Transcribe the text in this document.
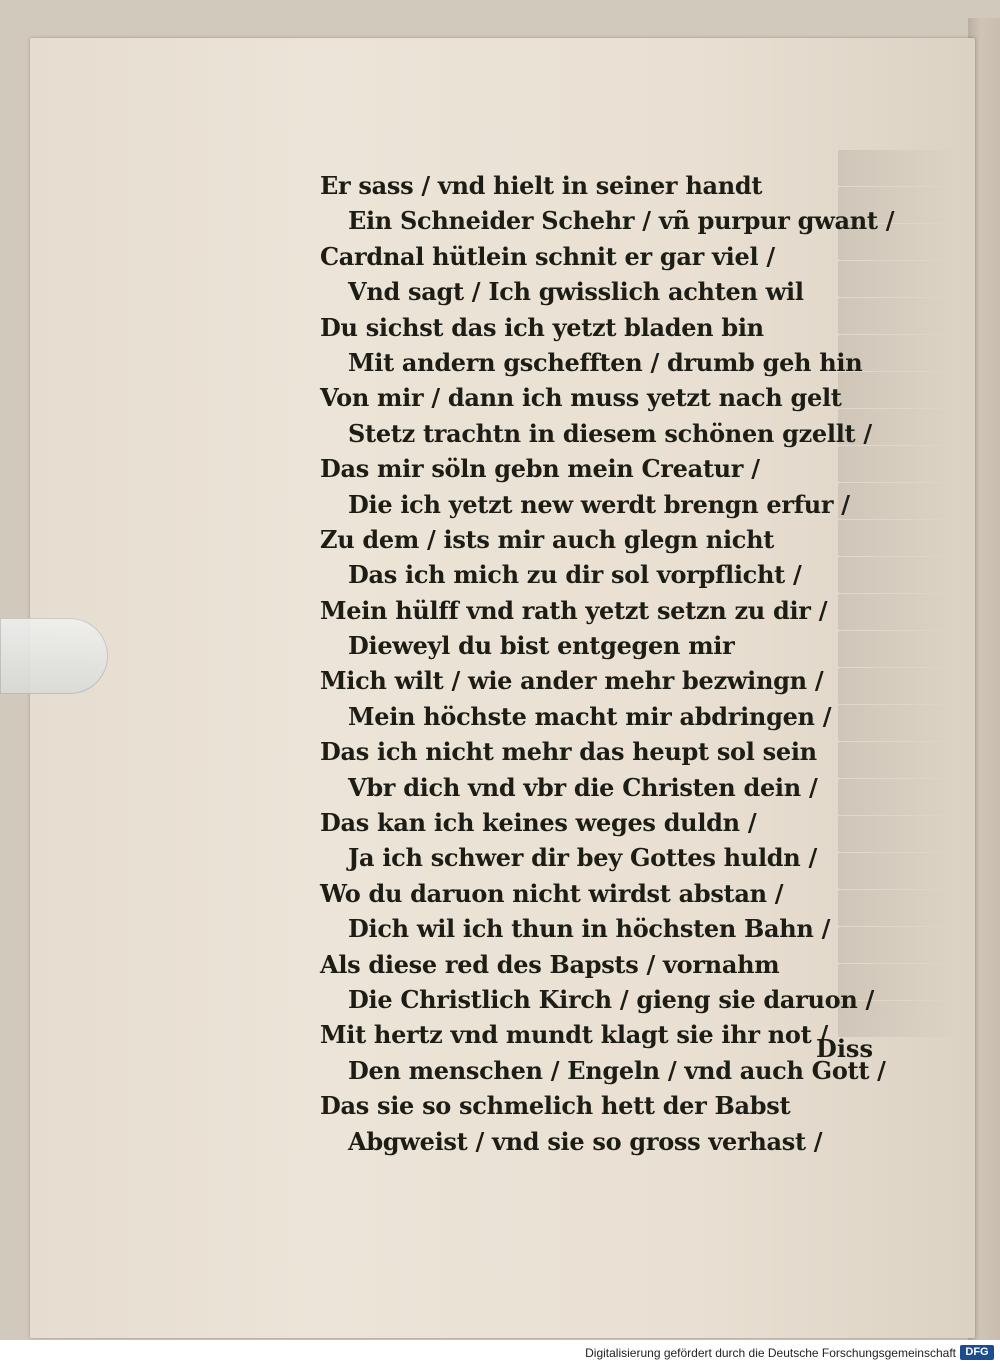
Er sass / vnd hielt in seiner handt
Ein Schneider Schehr / vñ purpur gwant /
Cardnal hütlein schnit er gar viel /
Vnd sagt / Ich gwisslich achten wil
Du sichst das ich yetzt bladen bin
Mit andern gschefften / drumb geh hin
Von mir / dann ich muss yetzt nach gelt
Stetz trachtn in diesem schönen gzellt /
Das mir söln gebn mein Creatur /
Die ich yetzt new werdt brengn erfur /
Zu dem / ists mir auch glegn nicht
Das ich mich zu dir sol vorpflicht /
Mein hülff vnd rath yetzt setzn zu dir /
Dieweyl du bist entgegen mir
Mich wilt / wie ander mehr bezwingn /
Mein höchste macht mir abdringen /
Das ich nicht mehr das heupt sol sein
Vbr dich vnd vbr die Christen dein /
Das kan ich keines weges duldn /
Ja ich schwer dir bey Gottes huldn /
Wo du daruon nicht wirdst abstan /
Dich wil ich thun in höchsten Bahn /
Als diese red des Bapsts / vornahm
Die Christlich Kirch / gieng sie daruon /
Mit hertz vnd mundt klagt sie ihr not /
Den menschen / Engeln / vnd auch Gott /
Das sie so schmelich hett der Babst
Abgweist / vnd sie so gross verhast /
Diss
Digitalisierung gefördert durch die Deutsche Forschungsgemeinschaft DFG
